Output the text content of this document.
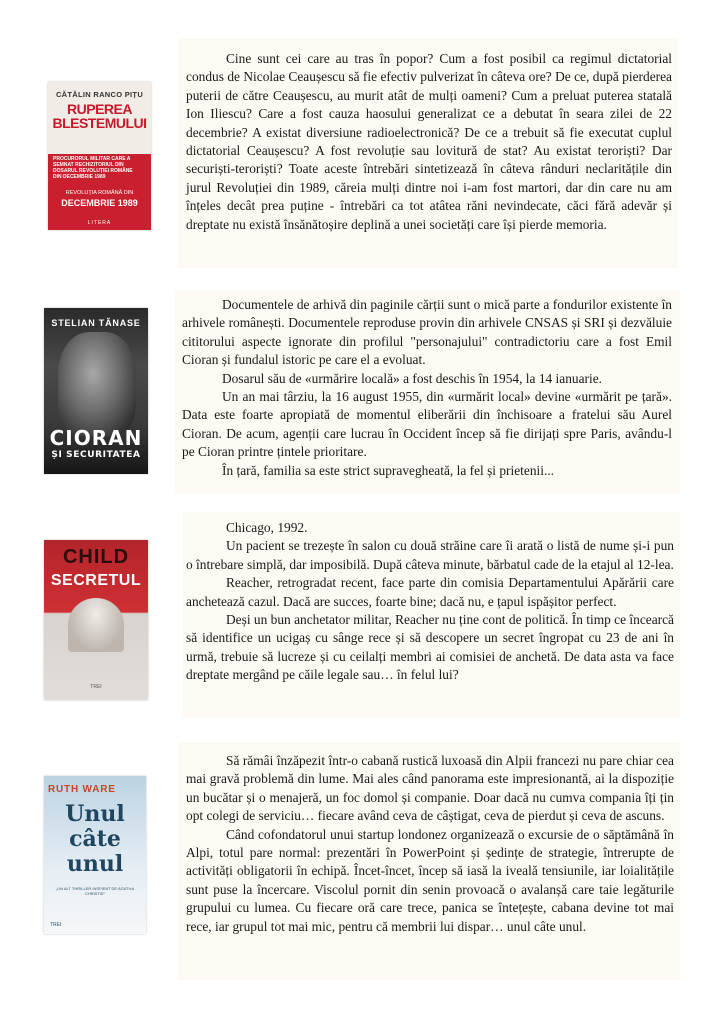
CĂTĂLIN RANCO PIȚU
RUPEREA
BLESTEMULUI
PROCURORUL MILITAR CARE A SEMNAT RECHIZITORIUL DIN DOSARUL REVOLUȚIEI ROMÂNE DIN DECEMBRIE 1989
REVOLUȚIA ROMÂNĂ DIN
DECEMBRIE 1989
LITERA

Cine sunt cei care au tras în popor? Cum a fost posibil ca regimul dictatorial condus de Nicolae Ceaușescu să fie efectiv pulverizat în câteva ore? De ce, după pierderea puterii de către Ceaușescu, au murit atât de mulți oameni? Cum a preluat puterea statală Ion Iliescu? Care a fost cauza haosului generalizat ce a debutat în seara zilei de 22 decembrie? A existat diversiune radioelectronică? De ce a trebuit să fie executat cuplul dictatorial Ceaușescu? A fost revoluție sau lovitură de stat? Au existat teroriști? Dar securiști-teroriști? Toate aceste întrebări sintetizează în câteva rânduri neclaritățile din jurul Revoluției din 1989, căreia mulți dintre noi i-am fost martori, dar din care nu am înțeles decât prea puține - întrebări ca tot atâtea răni nevindecate, căci fără adevăr și dreptate nu există însănătoșire deplină a unei societăți care își pierde memoria.

STELIAN TĂNASE
CIORAN
ȘI SECURITATEA

Documentele de arhivă din paginile cărții sunt o mică parte a fondurilor existente în arhivele românești. Documentele reproduse provin din arhivele CNSAS și SRI și dezvăluie cititorului aspecte ignorate din profilul "personajului" contradictoriu care a fost Emil Cioran și fundalul istoric pe care el a evoluat.

Dosarul său de «urmărire locală» a fost deschis în 1954, la 14 ianuarie.

Un an mai târziu, la 16 august 1955, din «urmărit local» devine «urmărit pe țară». Data este foarte apropiată de momentul eliberării din închisoare a fratelui său Aurel Cioran. De acum, agenții care lucrau în Occident încep să fie dirijați spre Paris, avându-l pe Cioran printre țintele prioritare.

În țară, familia sa este strict supravegheată, la fel și prietenii...

CHILD
SECRETUL
TREI

Chicago, 1992.

Un pacient se trezește în salon cu două străine care îi arată o listă de nume și-i pun o întrebare simplă, dar imposibilă. După câteva minute, bărbatul cade de la etajul al 12-lea.

Reacher, retrogradat recent, face parte din comisia Departamentului Apărării care anchetează cazul. Dacă are succes, foarte bine; dacă nu, e țapul ispășitor perfect.

Deși un bun anchetator militar, Reacher nu ține cont de politică. În timp ce încearcă să identifice un ucigaș cu sânge rece și să descopere un secret îngropat cu 23 de ani în urmă, trebuie să lucreze și cu ceilalți membri ai comisiei de anchetă. De data asta va face dreptate mergând pe căile legale sau… în felul lui?

RUTH WARE
Unul
câte
unul
„UN ALT THRILLER INSPIRAT DE AGATHA CHRISTIE”
TREI

Să rămâi înzăpezit într-o cabană rustică luxoasă din Alpii francezi nu pare chiar cea mai gravă problemă din lume. Mai ales când panorama este impresionantă, ai la dispoziție un bucătar și o menajeră, un foc domol și companie. Doar dacă nu cumva compania îți țin opt colegi de serviciu… fiecare având ceva de câștigat, ceva de pierdut și ceva de ascuns.

Când cofondatorul unui startup londonez organizează o excursie de o săptămână în Alpi, totul pare normal: prezentări în PowerPoint și ședințe de strategie, întrerupte de activități obligatorii în echipă. Încet-încet, încep să iasă la iveală tensiunile, iar loialitățile sunt puse la încercare. Viscolul pornit din senin provoacă o avalanșă care taie legăturile grupului cu lumea. Cu fiecare oră care trece, panica se întețește, cabana devine tot mai rece, iar grupul tot mai mic, pentru că membrii lui dispar… unul câte unul.
